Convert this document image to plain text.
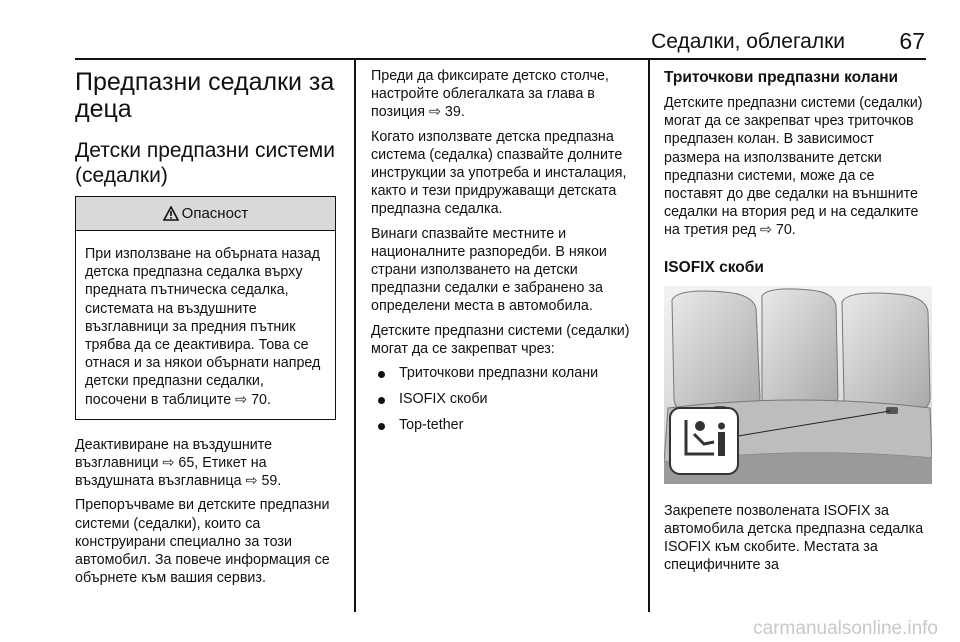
Седалки, облегалки 67
Предпазни седалки за деца
Детски предпазни системи (седалки)
Опасност

При използване на обърната назад детска предпазна седалка върху предната пътническа седалка, системата на въздушните възглавници за предния пътник трябва да се деактивира. Това се отнася и за някои обърнати напред детски предпазни седалки, посочени в таблиците ⇨ 70.

Деактивиране на въздушните възглавници ⇨ 65, Етикет на въздушната възглавница ⇨ 59.

Препоръчваме ви детските предпазни системи (седалки), които са конструирани специално за този автомобил. За повече информация се обърнете към вашия сервиз.

Преди да фиксирате детско столче, настройте облегалката за глава в позиция ⇨ 39.

Когато използвате детска предпазна система (седалка) спазвайте долните инструкции за употреба и инсталация, както и тези придружаващи детската предпазна седалка.

Винаги спазвайте местните и националните разпоредби. В някои страни използването на детски предпазни седалки е забранено за определени места в автомобила.

Детските предпазни системи (седалки) могат да се закрепват чрез:

Триточкови предпазни колани
ISOFIX скоби
Top-tether
Триточкови предпазни колани

Детските предпазни системи (седалки) могат да се закрепват чрез триточков предпазен колан. В зависимост размера на използваните детски предпазни системи, може да се поставят до две седалки на външните седалки на втория ред и на седалките на третия ред ⇨ 70.

ISOFIX скоби

Закрепете позволената ISOFIX за автомобила детска предпазна седалка ISOFIX към скобите. Местата за специфичните за

carmanualsonline.info
